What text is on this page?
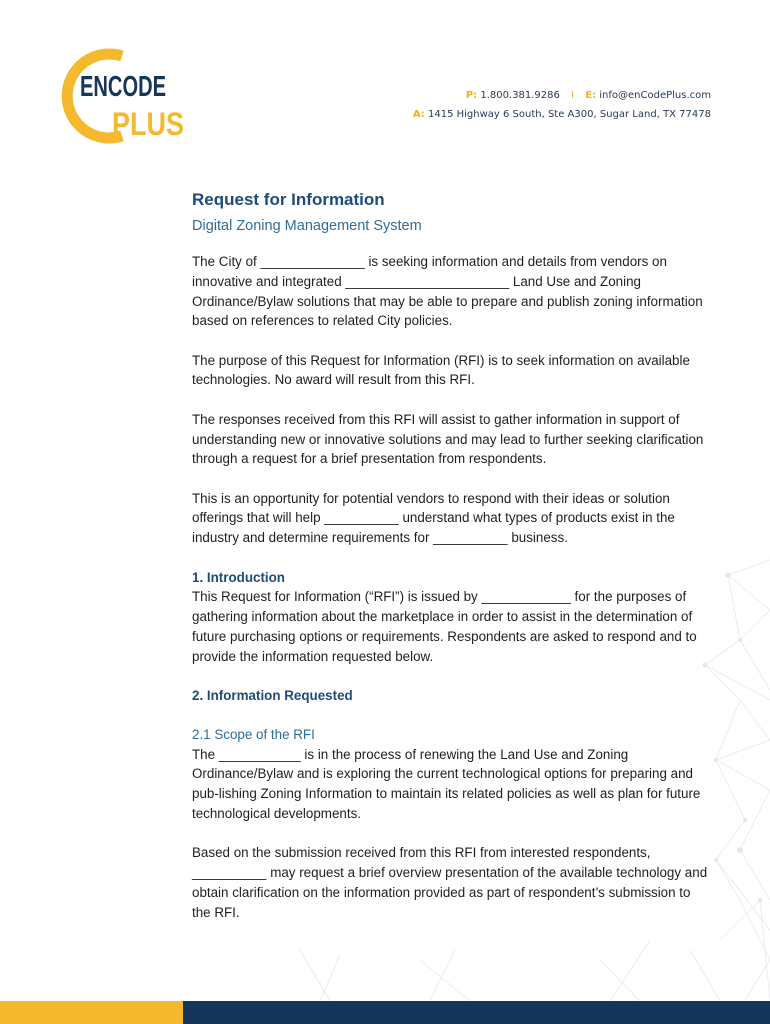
ENCODE
PLUS
P: 1.800.381.9286 I E: info@enCodePlus.com
A: 1415 Highway 6 South, Ste A300, Sugar Land, TX 77478
Request for Information
Digital Zoning Management System

The City of ______________ is seeking information and details from vendors on innovative and integrated ______________________ Land Use and Zoning Ordinance/Bylaw solutions that may be able to prepare and publish zoning information based on references to related City policies.

The purpose of this Request for Information (RFI) is to seek information on available technologies. No award will result from this RFI.

The responses received from this RFI will assist to gather information in support of understanding new or innovative solutions and may lead to further seeking clarification through a request for a brief presentation from respondents.

This is an opportunity for potential vendors to respond with their ideas or solution offerings that will help __________ understand what types of products exist in the industry and determine requirements for __________ business.

1. Introduction

This Request for Information (“RFI”) is issued by ____________ for the purposes of gathering information about the marketplace in order to assist in the determination of future purchasing options or requirements. Respondents are asked to respond and to provide the information requested below.

2. Information Requested
2.1 Scope of the RFI

The ___________ is in the process of renewing the Land Use and Zoning Ordinance/Bylaw and is exploring the current technological options for preparing and pub-lishing Zoning Information to maintain its related policies as well as plan for future technological developments.

Based on the submission received from this RFI from interested respondents, __________ may request a brief overview presentation of the available technology and obtain clarification on the information provided as part of respondent’s submission to the RFI.
